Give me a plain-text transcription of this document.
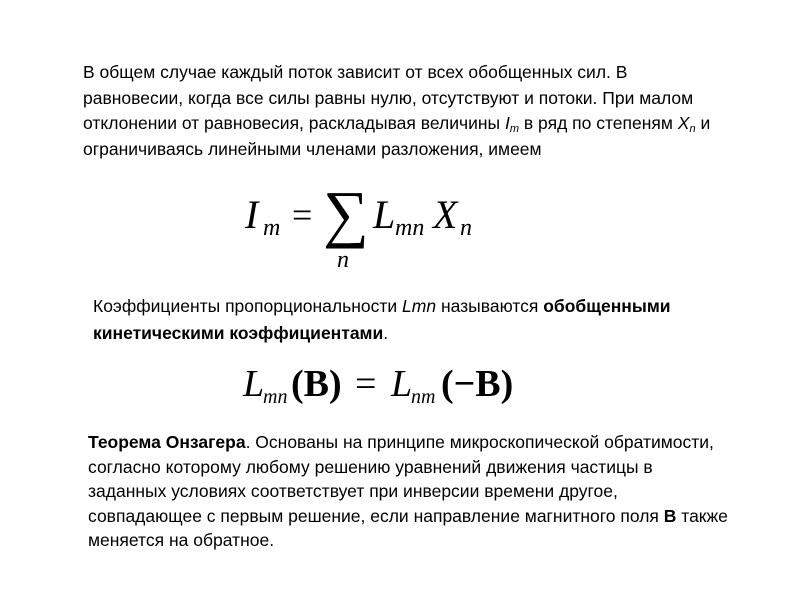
В общем случае каждый поток зависит от всех обобщенных сил. В равновесии, когда все силы равны нулю, отсутствуют и потоки. При малом отклонении от равновесия, раскладывая величины $I_m$ в ряд по степеням $X_n$ и ограничиваясь линейными членами разложения, имеем
I m = ∑
n
L mn X n
Коэффициенты пропорциональности Lmn называются обобщенными кинетическими коэффициентами.
L
mn (B) = L
nm (−B)
Теорема Онзагера. Основаны на принципе микроскопической обратимости, согласно которому любому решению уравнений движения частицы в заданных условиях соответствует при инверсии времени другое, совпадающее с первым решение, если направление магнитного поля B также меняется на обратное.
